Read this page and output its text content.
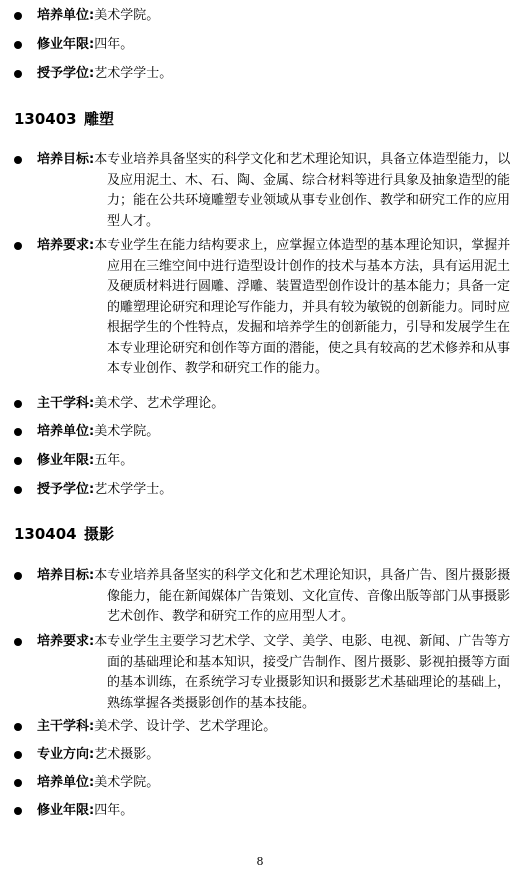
培养单位:美术学院。
修业年限:四年。
授予学位:艺术学学士。
130403 雕塑
培养目标:本专业培养具备坚实的科学文化和艺术理论知识，具备立体造型能力，以及应用泥土、木、石、陶、金属、综合材料等进行具象及抽象造型的能力；能在公共环境雕塑专业领域从事专业创作、教学和研究工作的应用型人才。
培养要求:本专业学生在能力结构要求上，应掌握立体造型的基本理论知识，掌握并应用在三维空间中进行造型设计创作的技术与基本方法，具有运用泥土及硬质材料进行圆雕、浮雕、装置造型创作设计的基本能力；具备一定的雕塑理论研究和理论写作能力，并具有较为敏锐的创新能力。同时应根据学生的个性特点，发掘和培养学生的创新能力，引导和发展学生在本专业理论研究和创作等方面的潜能，使之具有较高的艺术修养和从事本专业创作、教学和研究工作的能力。
主干学科:美术学、艺术学理论。
培养单位:美术学院。
修业年限:五年。
授予学位:艺术学学士。
130404 摄影
培养目标:本专业培养具备坚实的科学文化和艺术理论知识，具备广告、图片摄影摄像能力，能在新闻媒体广告策划、文化宣传、音像出版等部门从事摄影艺术创作、教学和研究工作的应用型人才。
培养要求:本专业学生主要学习艺术学、文学、美学、电影、电视、新闻、广告等方面的基础理论和基本知识，接受广告制作、图片摄影、影视拍摄等方面的基本训练，在系统学习专业摄影知识和摄影艺术基础理论的基础上，熟练掌握各类摄影创作的基本技能。
主干学科:美术学、设计学、艺术学理论。
专业方向:艺术摄影。
培养单位:美术学院。
修业年限:四年。
8
